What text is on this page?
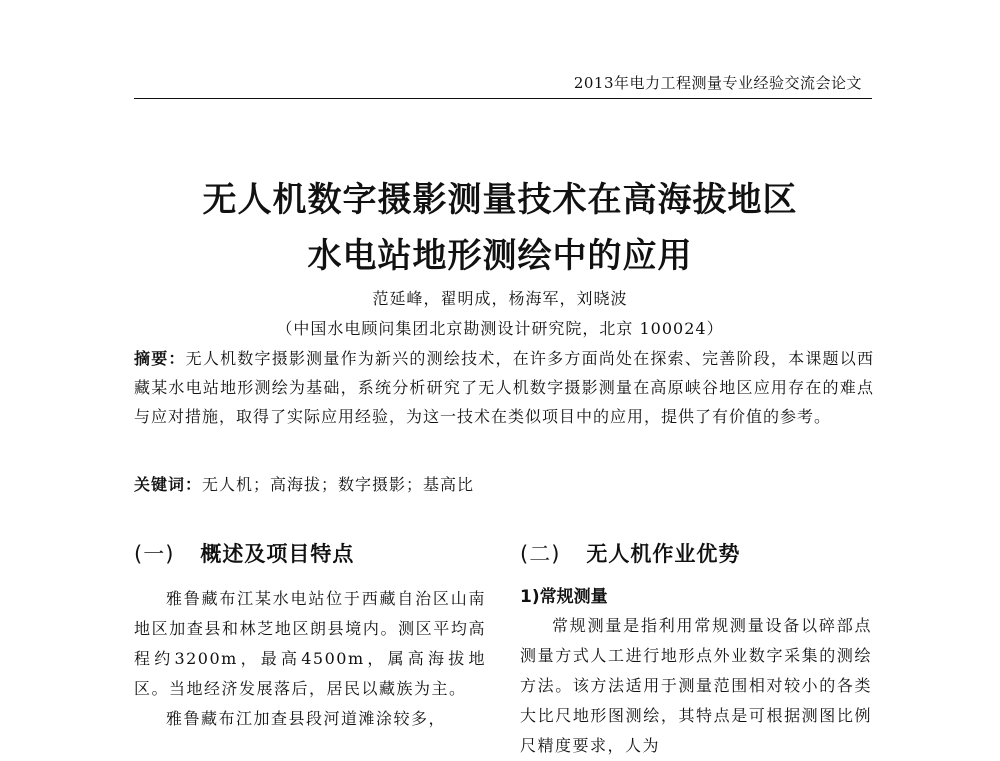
2013年电力工程测量专业经验交流会论文
无人机数字摄影测量技术在高海拔地区
水电站地形测绘中的应用
范延峰，翟明成，杨海军，刘晓波
（中国水电顾问集团北京勘测设计研究院，北京 100024）
摘要：无人机数字摄影测量作为新兴的测绘技术，在许多方面尚处在探索、完善阶段，本课题以西藏某水电站地形测绘为基础，系统分析研究了无人机数字摄影测量在高原峡谷地区应用存在的难点与应对措施，取得了实际应用经验，为这一技术在类似项目中的应用，提供了有价值的参考。
关键词：无人机；高海拔；数字摄影；基高比
(一) 概述及项目特点

雅鲁藏布江某水电站位于西藏自治区山南地区加查县和林芝地区朗县境内。测区平均高程约3200m，最高4500m，属高海拔地区。当地经济发展落后，居民以藏族为主。

雅鲁藏布江加查县段河道滩涂较多，

(二) 无人机作业优势
1)常规测量

常规测量是指利用常规测量设备以碎部点测量方式人工进行地形点外业数字采集的测绘方法。该方法适用于测量范围相对较小的各类大比尺地形图测绘，其特点是可根据测图比例尺精度要求，人为
